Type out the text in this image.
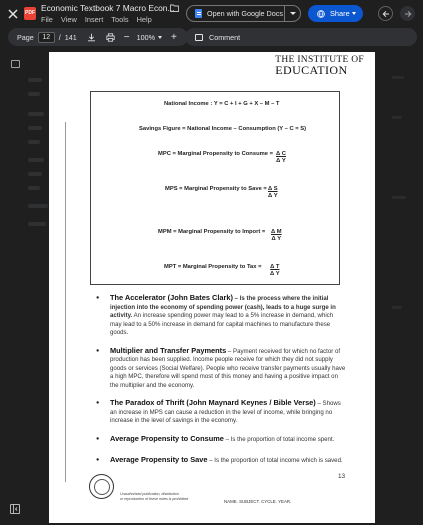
PDF Economic Textbook 7 Macro Econ...
File View Insert Tools Help
Open with Google Docs	Share
Page	12	/ 141	− 100% +	Comment
THE INSTITUTE OF
EDUCATION
National Income : Y = C + I + G + X – M – T
Savings Figure = National Income – Consumption (Y – C = S)
MPC = Marginal Propensity to Consume = $\frac{\text{Δ C}}{\text{Δ Y}}$
MPS = Marginal Propensity to Save = $\frac{\text{Δ S}}{\text{Δ Y}}$
MPM = Marginal Propensity to Import = $\frac{\text{Δ M}}{\text{Δ Y}}$
MPT = Marginal Propensity to Tax = $\frac{\text{Δ T}}{\text{Δ Y}}$
● The Accelerator (John Bates Clark) – Is the process where the initial injection into the economy of spending power (cash), leads to a huge surge in activity. An increase spending power may lead to a 5% increase in demand, which may lead to a 50% increase in demand for capital machines to manufacture these goods.
● Multiplier and Transfer Payments – Payment received for which no factor of production has been supplied. Income people receive for which they did not supply goods or services (Social Welfare). People who receive transfer payments usually have a high MPC, therefore will spend most of this money and having a positive impact on the multiplier and the economy.
● The Paradox of Thrift (John Maynard Keynes / Bible Verse) – Shows an increase in MPS can cause a reduction in the level of income, while bringing no increase in the level of savings in the economy.
● Average Propensity to Consume – Is the proportion of total income spent.
● Average Propensity to Save – Is the proportion of total income which is saved.
13
Unauthorised publication, distribution
or reproduction of these notes is prohibited
NAME. SUBJECT. CYCLE. YEAR.
